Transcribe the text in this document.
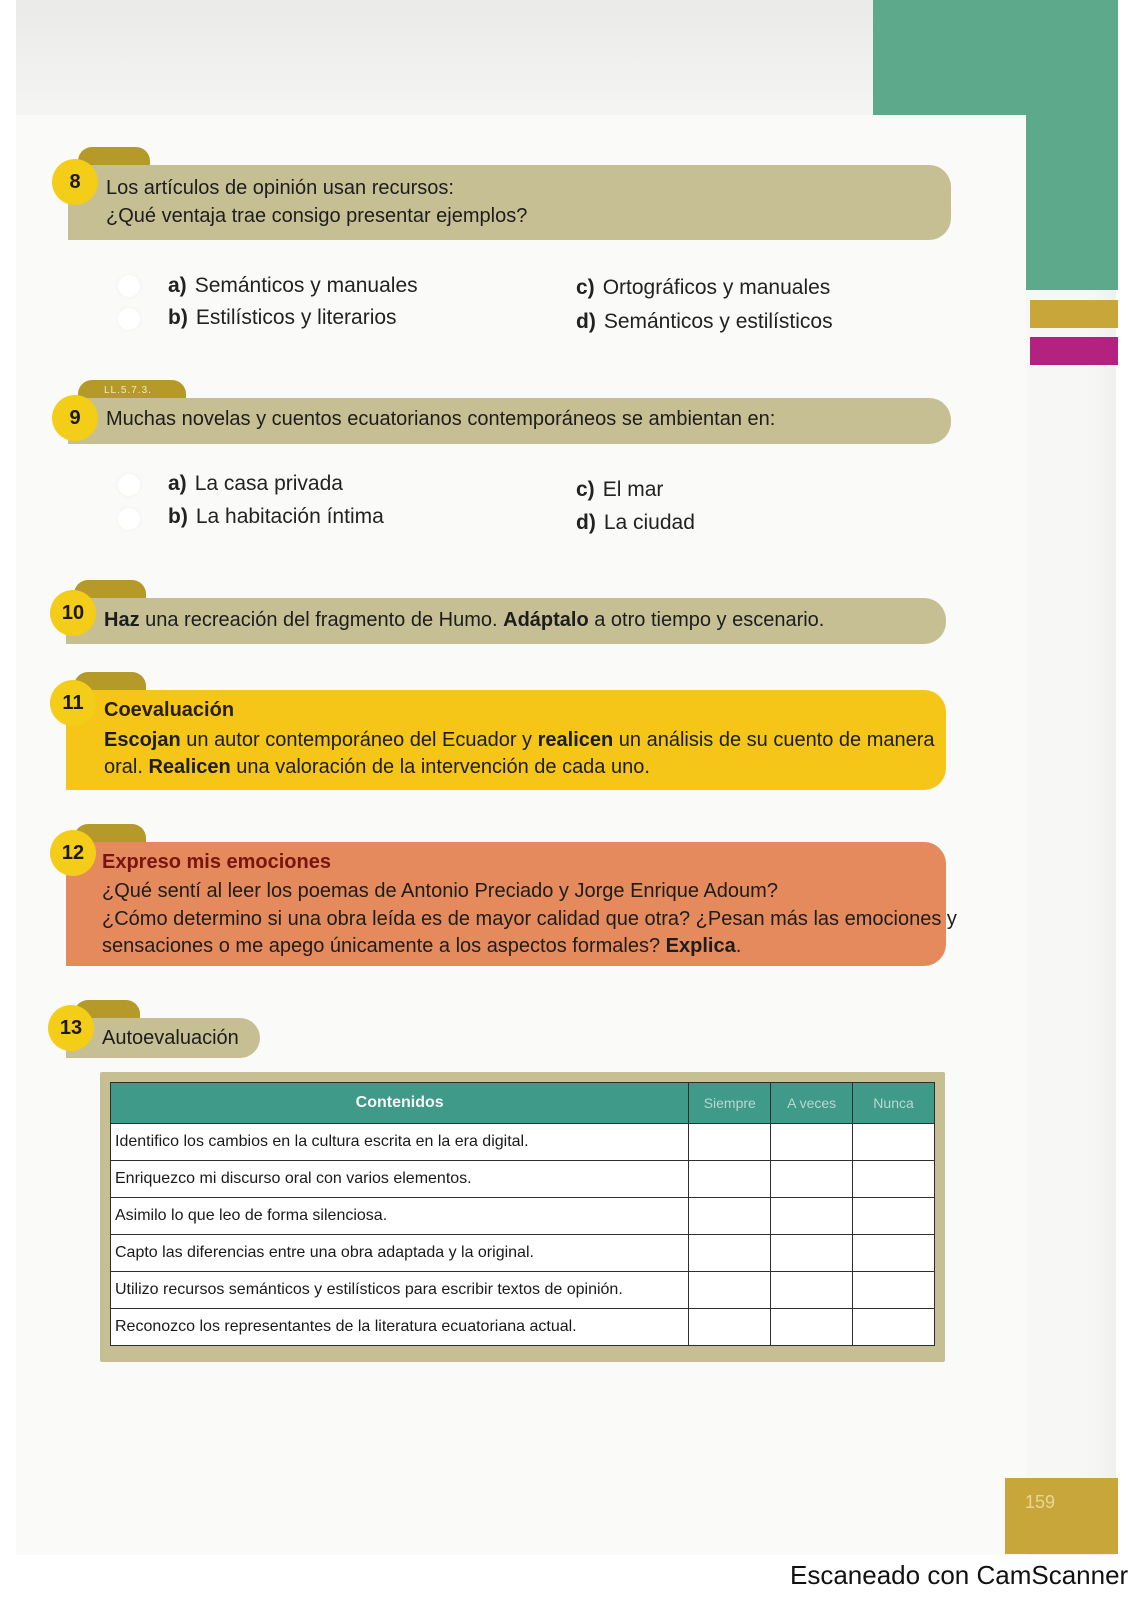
Los artículos de opinión usan recursos:
¿Qué ventaja trae consigo presentar ejemplos?
8
a) Semánticos y manuales
b) Estilísticos y literarios
c) Ortográficos y manuales
d) Semánticos y estilísticos
LL.5.7.3.
Muchas novelas y cuentos ecuatorianos contemporáneos se ambientan en:
9
a) La casa privada
b) La habitación íntima
c) El mar
d) La ciudad
Haz una recreación del fragmento de Humo. Adáptalo a otro tiempo y escenario.
10
Coevaluación
Escojan un autor contemporáneo del Ecuador y realicen un análisis de su cuento de manera
oral. Realicen una valoración de la intervención de cada uno.
11
Expreso mis emociones
¿Qué sentí al leer los poemas de Antonio Preciado y Jorge Enrique Adoum?
¿Cómo determino si una obra leída es de mayor calidad que otra? ¿Pesan más las emociones y
sensaciones o me apego únicamente a los aspectos formales? Explica.
12
Autoevaluación
13
Contenidos	Siempre	A veces	Nunca
Identifico los cambios en la cultura escrita en la era digital.			
Enriquezco mi discurso oral con varios elementos.			
Asimilo lo que leo de forma silenciosa.			
Capto las diferencias entre una obra adaptada y la original.			
Utilizo recursos semánticos y estilísticos para escribir textos de opinión.			
Reconozco los representantes de la literatura ecuatoriana actual.			
159
Escaneado con CamScanner
